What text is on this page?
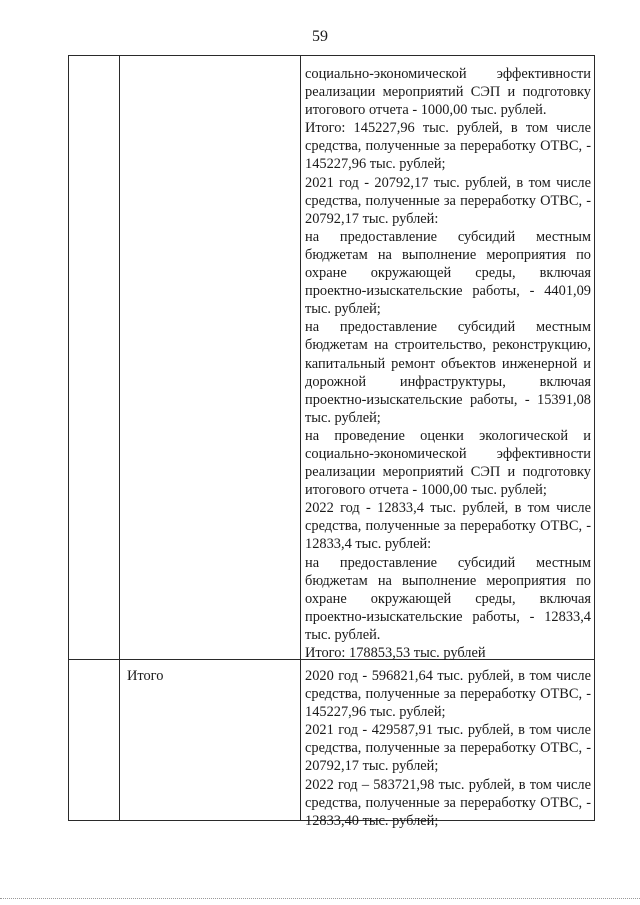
59

социально-экономической эффективности реализации мероприятий СЭП и подготовку итогового отчета - 1000,00 тыс. рублей.

Итого: 145227,96 тыс. рублей, в том числе средства, полученные за переработку ОТВС, - 145227,96 тыс. рублей;

2021 год - 20792,17 тыс. рублей, в том числе средства, полученные за переработку ОТВС, - 20792,17 тыс. рублей:

на предоставление субсидий местным бюджетам на выполнение мероприятия по охране окружающей среды, включая проектно-изыскательские работы, - 4401,09 тыс. рублей;

на предоставление субсидий местным бюджетам на строительство, реконструкцию, капитальный ремонт объектов инженерной и дорожной инфраструктуры, включая проектно-изыскательские работы, - 15391,08 тыс. рублей;

на проведение оценки экологической и социально-экономической эффективности реализации мероприятий СЭП и подготовку итогового отчета - 1000,00 тыс. рублей;

2022 год - 12833,4 тыс. рублей, в том числе средства, полученные за переработку ОТВС, - 12833,4 тыс. рублей:

на предоставление субсидий местным бюджетам на выполнение мероприятия по охране окружающей среды, включая проектно-изыскательские работы, - 12833,4 тыс. рублей.

Итого: 178853,53 тыс. рублей

Итого	2020 год - 596821,64 тыс. рублей, в том числе средства, полученные за переработку ОТВС, - 145227,96 тыс. рублей;

2021 год - 429587,91 тыс. рублей, в том числе средства, полученные за переработку ОТВС, - 20792,17 тыс. рублей;

2022 год – 583721,98 тыс. рублей, в том числе средства, полученные за переработку ОТВС, - 12833,40 тыс. рублей;
